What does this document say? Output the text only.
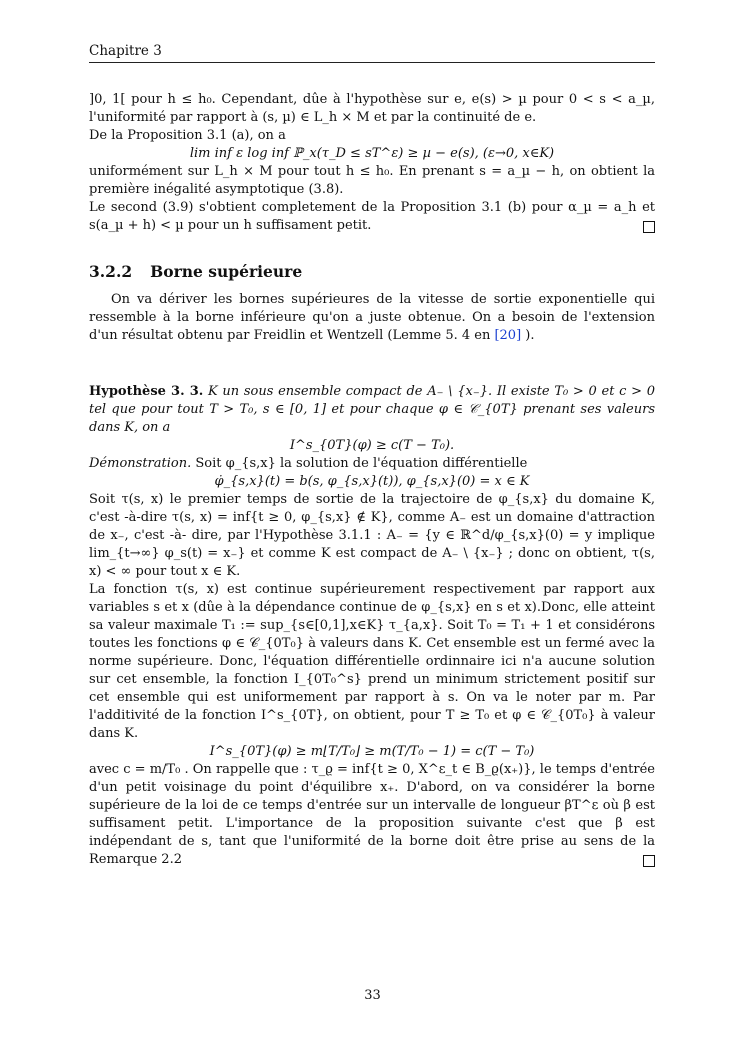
Chapitre 3

]0, 1[ pour h ≤ h₀. Cependant, dûe à l'hypothèse sur e, e(s) > µ pour 0 < s < a_µ, l'uniformité par rapport à (s, µ) ∈ L_h × M et par la continuité de e.

De la Proposition 3.1 (a), on a

lim inf ε log inf ℙ_x(τ_D ≤ sT^ε) ≥ µ − e(s), (ε→0, x∈K)

uniformément sur L_h × M pour tout h ≤ h₀. En prenant s = a_µ − h, on obtient la première inégalité asymptotique (3.8).

Le second (3.9) s'obtient completement de la Proposition 3.1 (b) pour α_µ = a_h et s(a_µ + h) < µ pour un h suffisament petit.

3.2.2 Borne supérieure

On va dériver les bornes supérieures de la vitesse de sortie exponentielle qui ressemble à la borne inférieure qu'on a juste obtenue. On a besoin de l'extension d'un résultat obtenu par Freidlin et Wentzell (Lemme 5. 4 en [20] ).

Hypothèse 3. 3. K un sous ensemble compact de A₋ \ {x₋}. Il existe T₀ > 0 et c > 0 tel que pour tout T > T₀, s ∈ [0, 1] et pour chaque φ ∈ 𝒞_{0T} prenant ses valeurs dans K, on a

I^s_{0T}(φ) ≥ c(T − T₀).

Démonstration. Soit φ_{s,x} la solution de l'équation différentielle

φ̇_{s,x}(t) = b(s, φ_{s,x}(t)), φ_{s,x}(0) = x ∈ K

Soit τ(s, x) le premier temps de sortie de la trajectoire de φ_{s,x} du domaine K, c'est -à-dire τ(s, x) = inf{t ≥ 0, φ_{s,x} ∉ K}, comme A₋ est un domaine d'attraction de x₋, c'est -à- dire, par l'Hypothèse 3.1.1 : A₋ = {y ∈ ℝ^d/φ_{s,x}(0) = y implique lim_{t→∞} φ_s(t) = x₋} et comme K est compact de A₋ \ {x₋} ; donc on obtient, τ(s, x) < ∞ pour tout x ∈ K.

La fonction τ(s, x) est continue supérieurement respectivement par rapport aux variables s et x (dûe à la dépendance continue de φ_{s,x} en s et x).Donc, elle atteint sa valeur maximale T₁ := sup_{s∈[0,1],x∈K} τ_{a,x}. Soit T₀ = T₁ + 1 et considérons toutes les fonctions φ ∈ 𝒞_{0T₀} à valeurs dans K. Cet ensemble est un fermé avec la norme supérieure. Donc, l'équation différentielle ordinnaire ici n'a aucune solution sur cet ensemble, la fonction I_{0T₀^s} prend un minimum strictement positif sur cet ensemble qui est uniformement par rapport à s. On va le noter par m. Par l'additivité de la fonction I^s_{0T}, on obtient, pour T ≥ T₀ et φ ∈ 𝒞_{0T₀} à valeur dans K.

I^s_{0T}(φ) ≥ m⌊T/T₀⌋ ≥ m(T/T₀ − 1) = c(T − T₀)

avec c = m/T₀ . On rappelle que : τ_ϱ = inf{t ≥ 0, X^ε_t ∈ B_ϱ(x₊)}, le temps d'entrée d'un petit voisinage du point d'équilibre x₊. D'abord, on va considérer la borne supérieure de la loi de ce temps d'entrée sur un intervalle de longueur βT^ε où β est suffisament petit. L'importance de la proposition suivante c'est que β est indépendant de s, tant que l'uniformité de la borne doit être prise au sens de la Remarque 2.2

33
